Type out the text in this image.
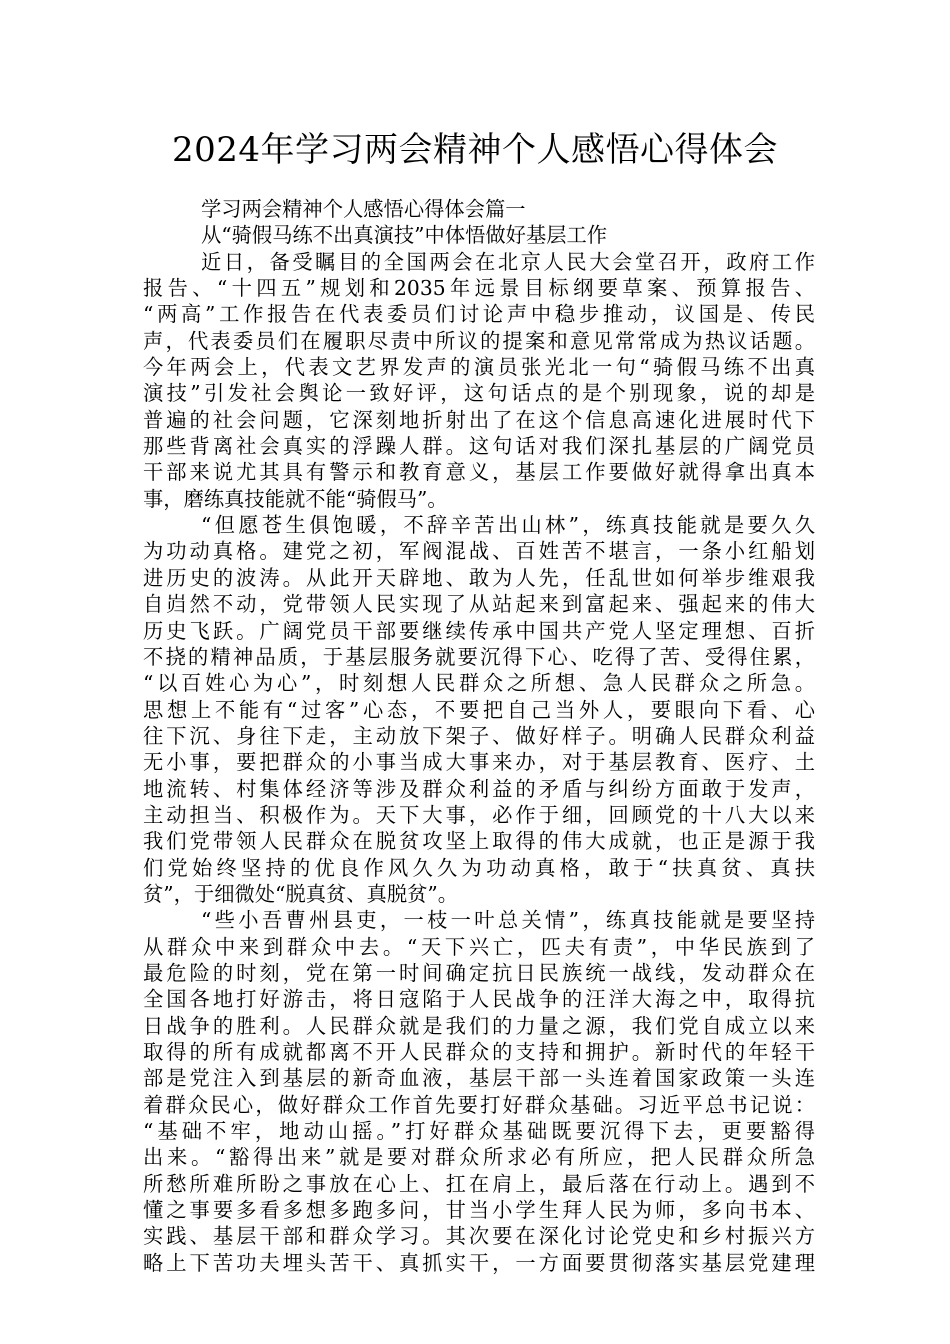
2024年学习两会精神个人感悟心得体会
学习两会精神个人感悟心得体会篇一
从“骑假马练不出真演技”中体悟做好基层工作
近日，备受瞩目的全国两会在北京人民大会堂召开，政府工作
报告、“十四五”规划和2035年远景目标纲要草案、预算报告、
“两高”工作报告在代表委员们讨论声中稳步推动，议国是、传民
声，代表委员们在履职尽责中所议的提案和意见常常成为热议话题。
今年两会上，代表文艺界发声的演员张光北一句“骑假马练不出真
演技”引发社会舆论一致好评，这句话点的是个别现象，说的却是
普遍的社会问题，它深刻地折射出了在这个信息高速化进展时代下
那些背离社会真实的浮躁人群。这句话对我们深扎基层的广阔党员
干部来说尤其具有警示和教育意义，基层工作要做好就得拿出真本
事，磨练真技能就不能“骑假马”。
“但愿苍生俱饱暖，不辞辛苦出山林”，练真技能就是要久久
为功动真格。建党之初，军阀混战、百姓苦不堪言，一条小红船划
进历史的波涛。从此开天辟地、敢为人先，任乱世如何举步维艰我
自岿然不动，党带领人民实现了从站起来到富起来、强起来的伟大
历史飞跃。广阔党员干部要继续传承中国共产党人坚定理想、百折
不挠的精神品质，于基层服务就要沉得下心、吃得了苦、受得住累，
“以百姓心为心”，时刻想人民群众之所想、急人民群众之所急。
思想上不能有“过客”心态，不要把自己当外人，要眼向下看、心
往下沉、身往下走，主动放下架子、做好样子。明确人民群众利益
无小事，要把群众的小事当成大事来办，对于基层教育、医疗、土
地流转、村集体经济等涉及群众利益的矛盾与纠纷方面敢于发声，
主动担当、积极作为。天下大事，必作于细，回顾党的十八大以来
我们党带领人民群众在脱贫攻坚上取得的伟大成就，也正是源于我
们党始终坚持的优良作风久久为功动真格，敢于“扶真贫、真扶
贫”，于细微处“脱真贫、真脱贫”。
“些小吾曹州县吏，一枝一叶总关情”，练真技能就是要坚持
从群众中来到群众中去。“天下兴亡，匹夫有责”，中华民族到了
最危险的时刻，党在第一时间确定抗日民族统一战线，发动群众在
全国各地打好游击，将日寇陷于人民战争的汪洋大海之中，取得抗
日战争的胜利。人民群众就是我们的力量之源，我们党自成立以来
取得的所有成就都离不开人民群众的支持和拥护。新时代的年轻干
部是党注入到基层的新奇血液，基层干部一头连着国家政策一头连
着群众民心，做好群众工作首先要打好群众基础。习近平总书记说：
“基础不牢，地动山摇。”打好群众基础既要沉得下去，更要豁得
出来。“豁得出来”就是要对群众所求必有所应，把人民群众所急
所愁所难所盼之事放在心上、扛在肩上，最后落在行动上。遇到不
懂之事要多看多想多跑多问，甘当小学生拜人民为师，多向书本、
实践、基层干部和群众学习。其次要在深化讨论党史和乡村振兴方
略上下苦功夫埋头苦干、真抓实干，一方面要贯彻落实基层党建理
